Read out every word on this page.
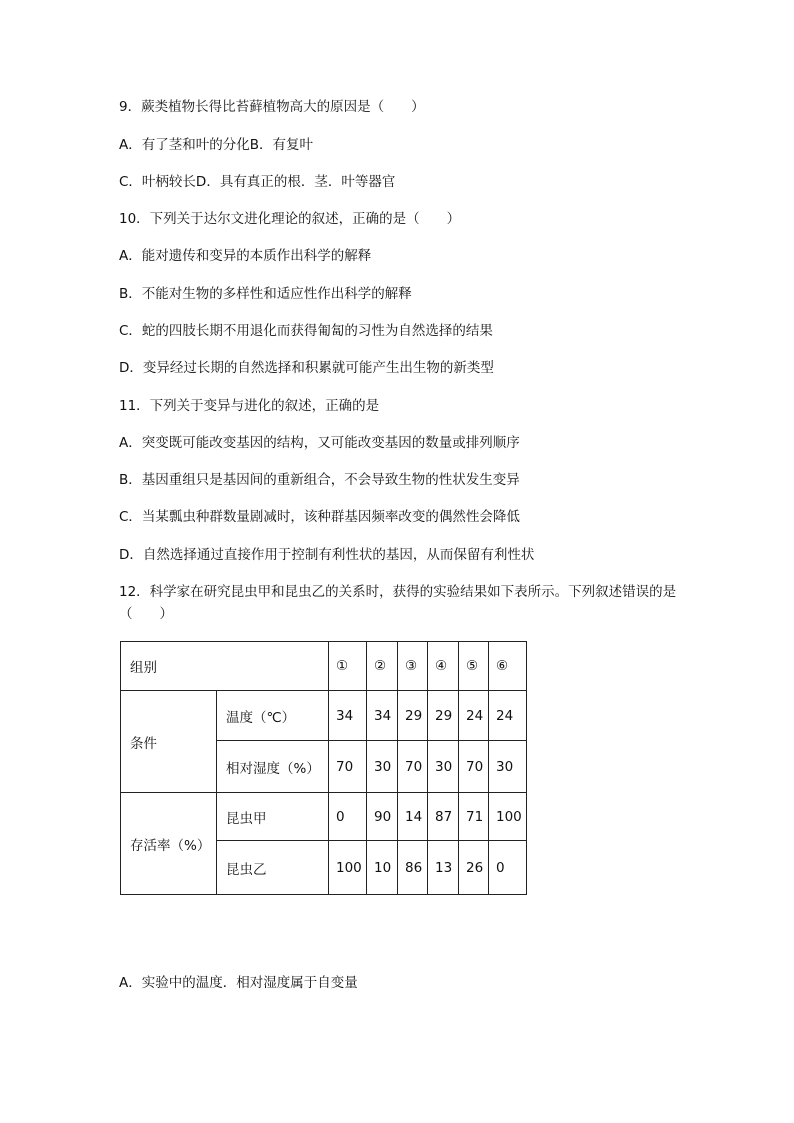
9．蕨类植物长得比苔藓植物高大的原因是（　　）
A．有了茎和叶的分化B．有复叶
C．叶柄较长D．具有真正的根．茎．叶等器官
10．下列关于达尔文进化理论的叙述，正确的是（　　）
A．能对遗传和变异的本质作出科学的解释
B．不能对生物的多样性和适应性作出科学的解释
C．蛇的四肢长期不用退化而获得匍匐的习性为自然选择的结果
D．变异经过长期的自然选择和积累就可能产生出生物的新类型
11．下列关于变异与进化的叙述，正确的是
A．突变既可能改变基因的结构，又可能改变基因的数量或排列顺序
B．基因重组只是基因间的重新组合，不会导致生物的性状发生变异
C．当某瓢虫种群数量剧减时，该种群基因频率改变的偶然性会降低
D．自然选择通过直接作用于控制有利性状的基因，从而保留有利性状
12．科学家在研究昆虫甲和昆虫乙的关系时，获得的实验结果如下表所示。下列叙述错误的是（　　）
组别		①	②	③	④	⑤	⑥
条件	温度（℃）	34	34	29	29	24	24
	相对湿度（%）	70	30	70	30	70	30
存活率（%）	昆虫甲	0	90	14	87	71	100
	昆虫乙	100	10	86	13	26	0
A．实验中的温度．相对湿度属于自变量
